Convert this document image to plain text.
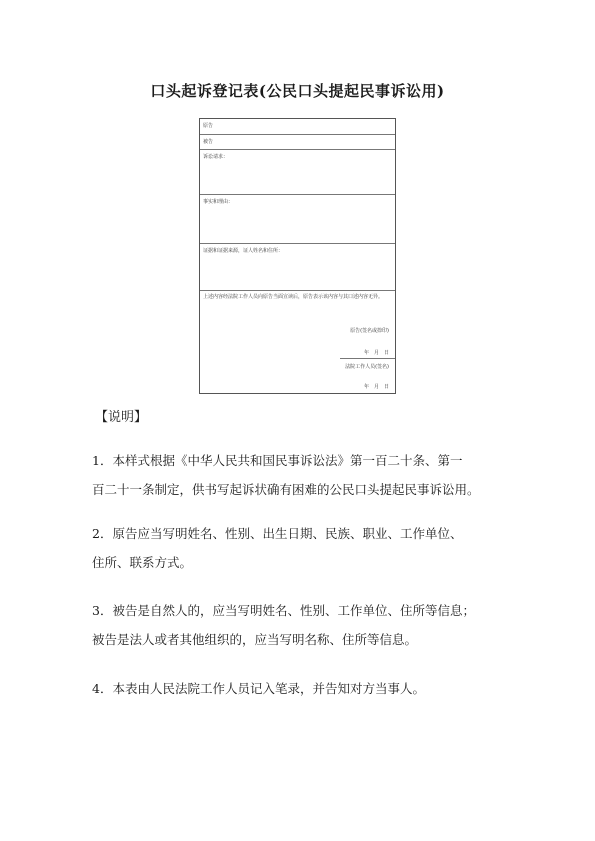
口头起诉登记表(公民口头提起民事诉讼用)
原告
被告
诉讼请求：
事实和理由：
证据和证据来源，证人姓名和住所：
上述内容经法院工作人员向原告当面宣读后，原告表示该内容与其口述内容无异。
原告(签名或捺印)
年　月　日
法院工作人员(签名)
年　月　日
【说明】
1．本样式根据《中华人民共和国民事诉讼法》第一百二十条、第一
百二十一条制定，供书写起诉状确有困难的公民口头提起民事诉讼用。
2．原告应当写明姓名、性别、出生日期、民族、职业、工作单位、
住所、联系方式。
3．被告是自然人的，应当写明姓名、性别、工作单位、住所等信息；
被告是法人或者其他组织的，应当写明名称、住所等信息。
4．本表由人民法院工作人员记入笔录，并告知对方当事人。
